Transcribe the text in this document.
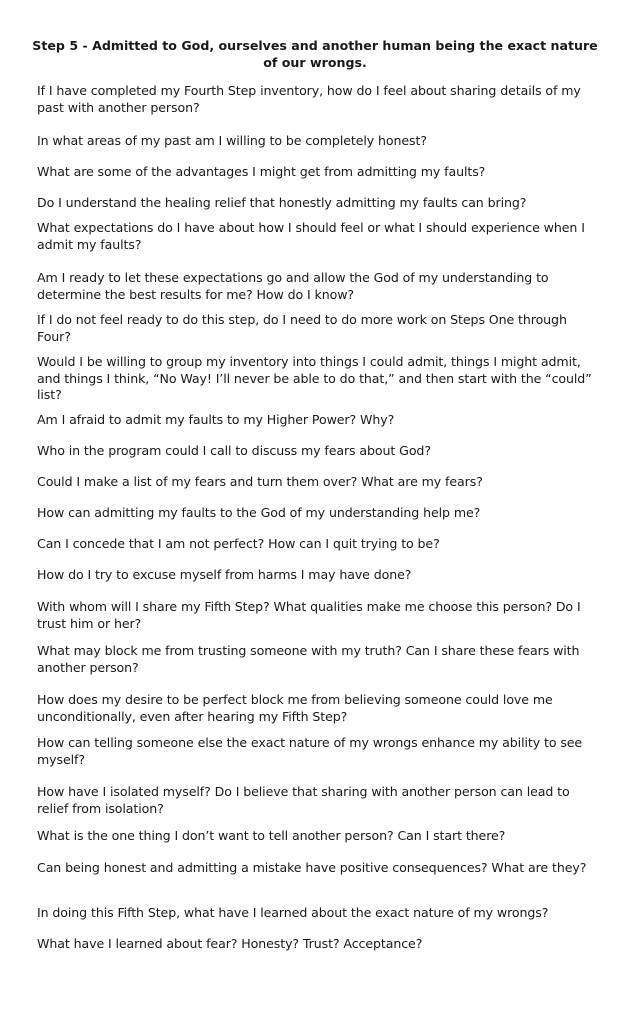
Step 5 - Admitted to God, ourselves and another human being the exact nature of our wrongs.

If I have completed my Fourth Step inventory, how do I feel about sharing details of my past with another person?

In what areas of my past am I willing to be completely honest?

What are some of the advantages I might get from admitting my faults?

Do I understand the healing relief that honestly admitting my faults can bring?

What expectations do I have about how I should feel or what I should experience when I admit my faults?

Am I ready to let these expectations go and allow the God of my understanding to determine the best results for me? How do I know?

If I do not feel ready to do this step, do I need to do more work on Steps One through Four?

Would I be willing to group my inventory into things I could admit, things I might admit, and things I think, “No Way! I’ll never be able to do that,” and then start with the “could” list?

Am I afraid to admit my faults to my Higher Power? Why?

Who in the program could I call to discuss my fears about God?

Could I make a list of my fears and turn them over? What are my fears?

How can admitting my faults to the God of my understanding help me?

Can I concede that I am not perfect? How can I quit trying to be?

How do I try to excuse myself from harms I may have done?

With whom will I share my Fifth Step? What qualities make me choose this person? Do I trust him or her?

What may block me from trusting someone with my truth? Can I share these fears with another person?

How does my desire to be perfect block me from believing someone could love me unconditionally, even after hearing my Fifth Step?

How can telling someone else the exact nature of my wrongs enhance my ability to see myself?

How have I isolated myself? Do I believe that sharing with another person can lead to relief from isolation?

What is the one thing I don’t want to tell another person? Can I start there?

Can being honest and admitting a mistake have positive consequences? What are they?

In doing this Fifth Step, what have I learned about the exact nature of my wrongs?

What have I learned about fear? Honesty? Trust? Acceptance?
